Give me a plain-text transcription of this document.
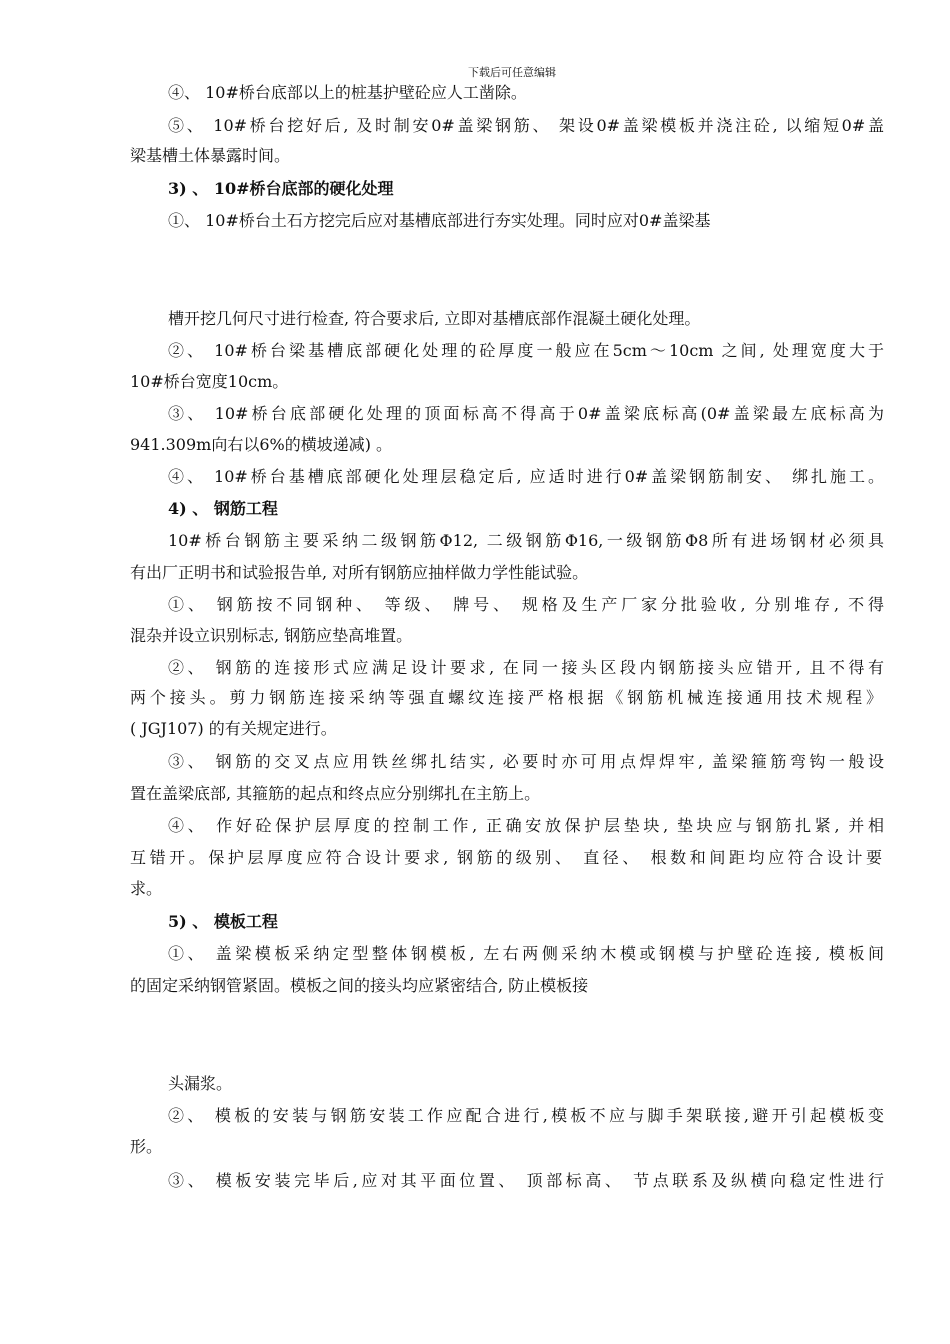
下载后可任意编辑
④、 10#桥台底部以上的桩基护壁砼应人工凿除。
⑤、 10#桥台挖好后, 及时制安0#盖梁钢筋、 架设0#盖梁模板并浇注砼, 以缩短0#盖
梁基槽土体暴露时间。
3) 、 10#桥台底部的硬化处理
①、 10#桥台土石方挖完后应对基槽底部进行夯实处理。同时应对0#盖梁基
槽开挖几何尺寸进行检查, 符合要求后, 立即对基槽底部作混凝土硬化处理。
②、 10#桥台梁基槽底部硬化处理的砼厚度一般应在5cm～10cm 之间, 处理宽度大于
10#桥台宽度10cm。
③、 10#桥台底部硬化处理的顶面标高不得高于0#盖梁底标高(0#盖梁最左底标高为
941.309m向右以6%的横坡递减) 。
④、 10#桥台基槽底部硬化处理层稳定后, 应适时进行0#盖梁钢筋制安、 绑扎施工。
4) 、 钢筋工程
10#桥台钢筋主要采纳二级钢筋Φ12, 二级钢筋Φ16,一级钢筋Φ8所有进场钢材必须具
有出厂正明书和试验报告单, 对所有钢筋应抽样做力学性能试验。
①、 钢筋按不同钢种、 等级、 牌号、 规格及生产厂家分批验收, 分别堆存, 不得
混杂并设立识别标志, 钢筋应垫高堆置。
②、 钢筋的连接形式应满足设计要求, 在同一接头区段内钢筋接头应错开, 且不得有
两个接头。剪力钢筋连接采纳等强直螺纹连接严格根据《钢筋机械连接通用技术规程》
( JGJ107) 的有关规定进行。
③、 钢筋的交叉点应用铁丝绑扎结实, 必要时亦可用点焊焊牢, 盖梁箍筋弯钩一般设
置在盖梁底部, 其箍筋的起点和终点应分别绑扎在主筋上。
④、 作好砼保护层厚度的控制工作, 正确安放保护层垫块, 垫块应与钢筋扎紧, 并相
互错开。保护层厚度应符合设计要求, 钢筋的级别、 直径、 根数和间距均应符合设计要
求。
5) 、 模板工程
①、 盖梁模板采纳定型整体钢模板, 左右两侧采纳木模或钢模与护壁砼连接, 模板间
的固定采纳钢管紧固。模板之间的接头均应紧密结合, 防止模板接
头漏浆。
②、 模板的安装与钢筋安装工作应配合进行,模板不应与脚手架联接,避开引起模板变
形。
③、 模板安装完毕后,应对其平面位置、 顶部标高、 节点联系及纵横向稳定性进行
